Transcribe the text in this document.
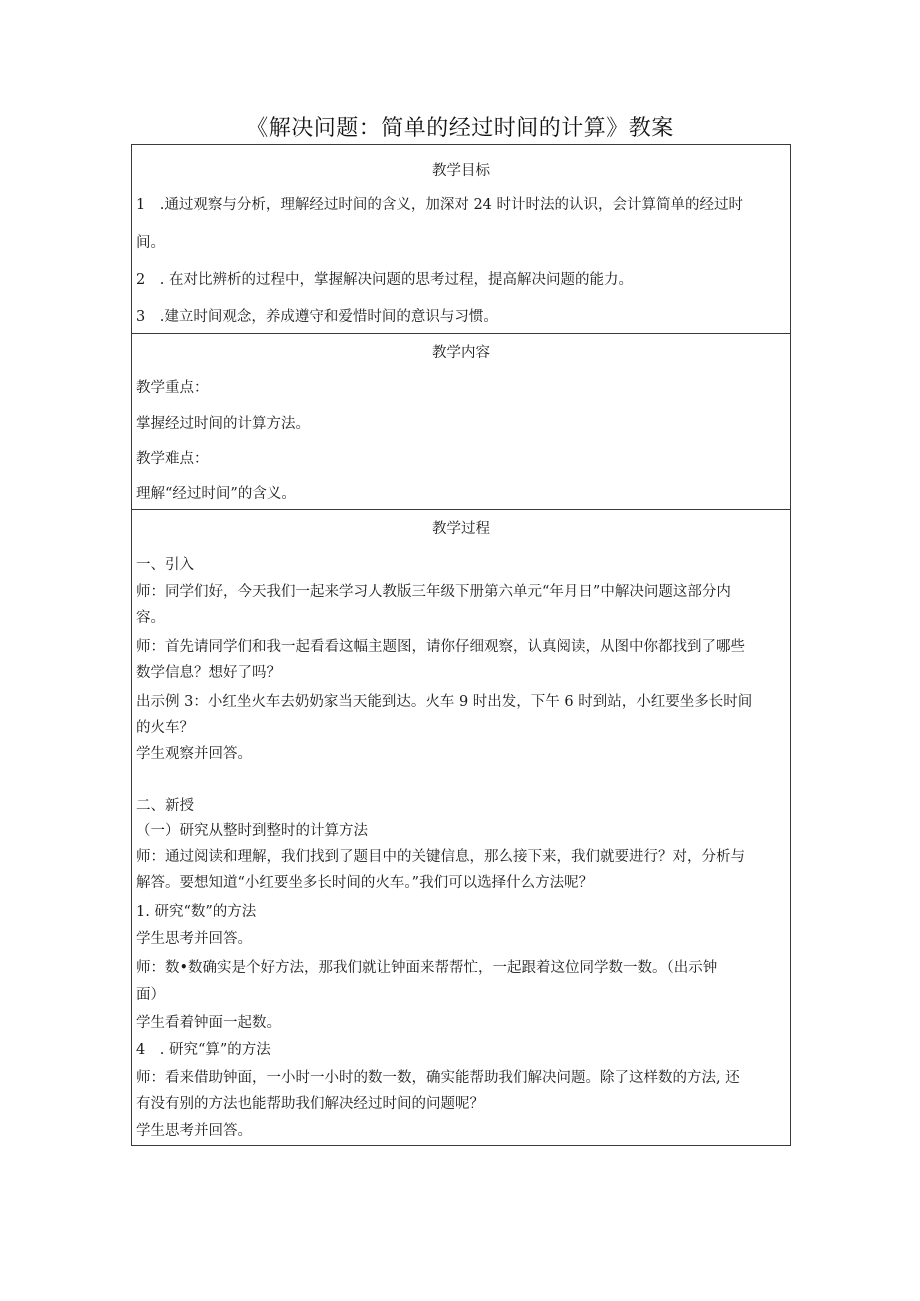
《解决问题：简单的经过时间的计算》教案
教学目标
1　.通过观察与分析，理解经过时间的含义，加深对 24 时计时法的认识，会计算简单的经过时
间。
2　. 在对比辨析的过程中，掌握解决问题的思考过程，提高解决问题的能力。
3　.建立时间观念，养成遵守和爱惜时间的意识与习惯。
教学内容
教学重点：
掌握经过时间的计算方法。
教学难点：
理解“经过时间”的含义。
教学过程
一、引入
师：同学们好，今天我们一起来学习人教版三年级下册第六单元“年月日”中解决问题这部分内
容。
师：首先请同学们和我一起看看这幅主题图，请你仔细观察，认真阅读，从图中你都找到了哪些
数学信息？想好了吗？
出示例 3：小红坐火车去奶奶家当天能到达。火车 9 时出发，下午 6 时到站，小红要坐多长时间
的火车？
学生观察并回答。
二、新授
（一）研究从整时到整时的计算方法
师：通过阅读和理解，我们找到了题目中的关键信息，那么接下来，我们就要进行？对，分析与
解答。要想知道“小红要坐多长时间的火车。”我们可以选择什么方法呢？
1. 研究“数”的方法
学生思考并回答。
师：数•数确实是个好方法，那我们就让钟面来帮帮忙，一起跟着这位同学数一数。（出示钟
面）
学生看着钟面一起数。
4　. 研究“算”的方法
师：看来借助钟面，一小时一小时的数一数，确实能帮助我们解决问题。除了这样数的方法, 还
有没有别的方法也能帮助我们解决经过时间的问题呢？
学生思考并回答。
